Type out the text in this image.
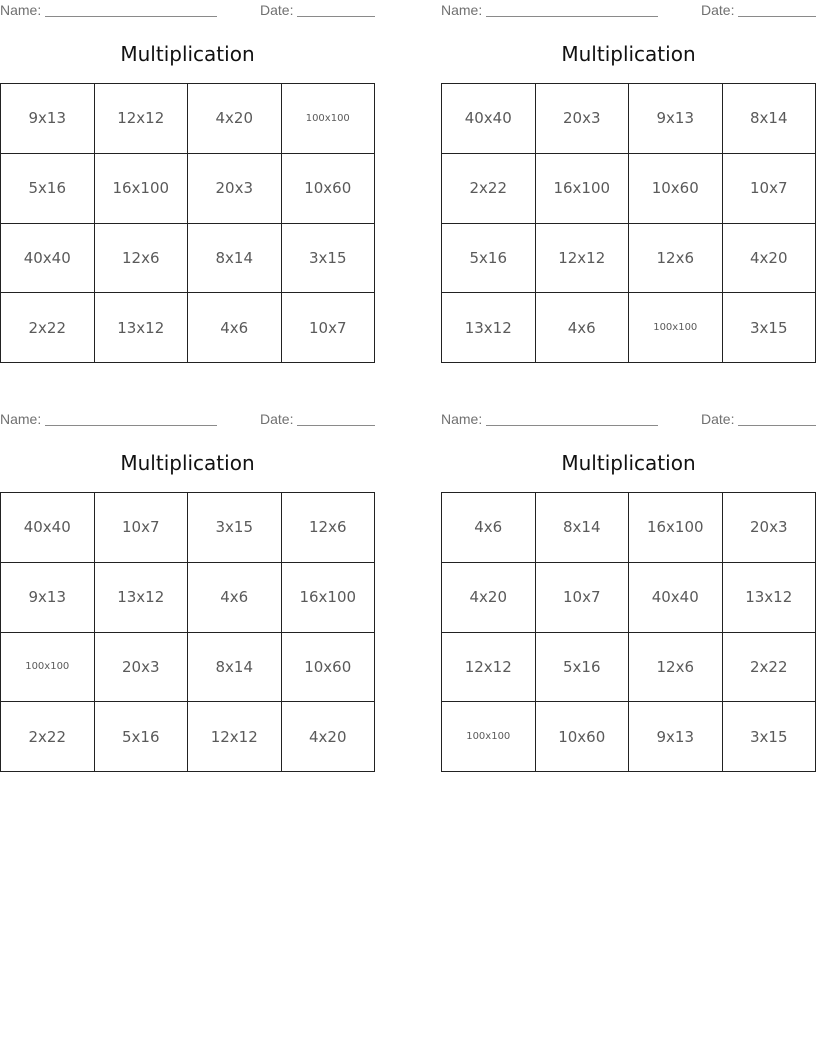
Name:	Date:
Multiplication
9x13	12x12	4x20	100x100
5x16	16x100	20x3	10x60
40x40	12x6	8x14	3x15
2x22	13x12	4x6	10x7
Name:	Date:
Multiplication
40x40	20x3	9x13	8x14
2x22	16x100	10x60	10x7
5x16	12x12	12x6	4x20
13x12	4x6	100x100	3x15
Name:	Date:
Multiplication
40x40	10x7	3x15	12x6
9x13	13x12	4x6	16x100
100x100	20x3	8x14	10x60
2x22	5x16	12x12	4x20
Name:	Date:
Multiplication
4x6	8x14	16x100	20x3
4x20	10x7	40x40	13x12
12x12	5x16	12x6	2x22
100x100	10x60	9x13	3x15
